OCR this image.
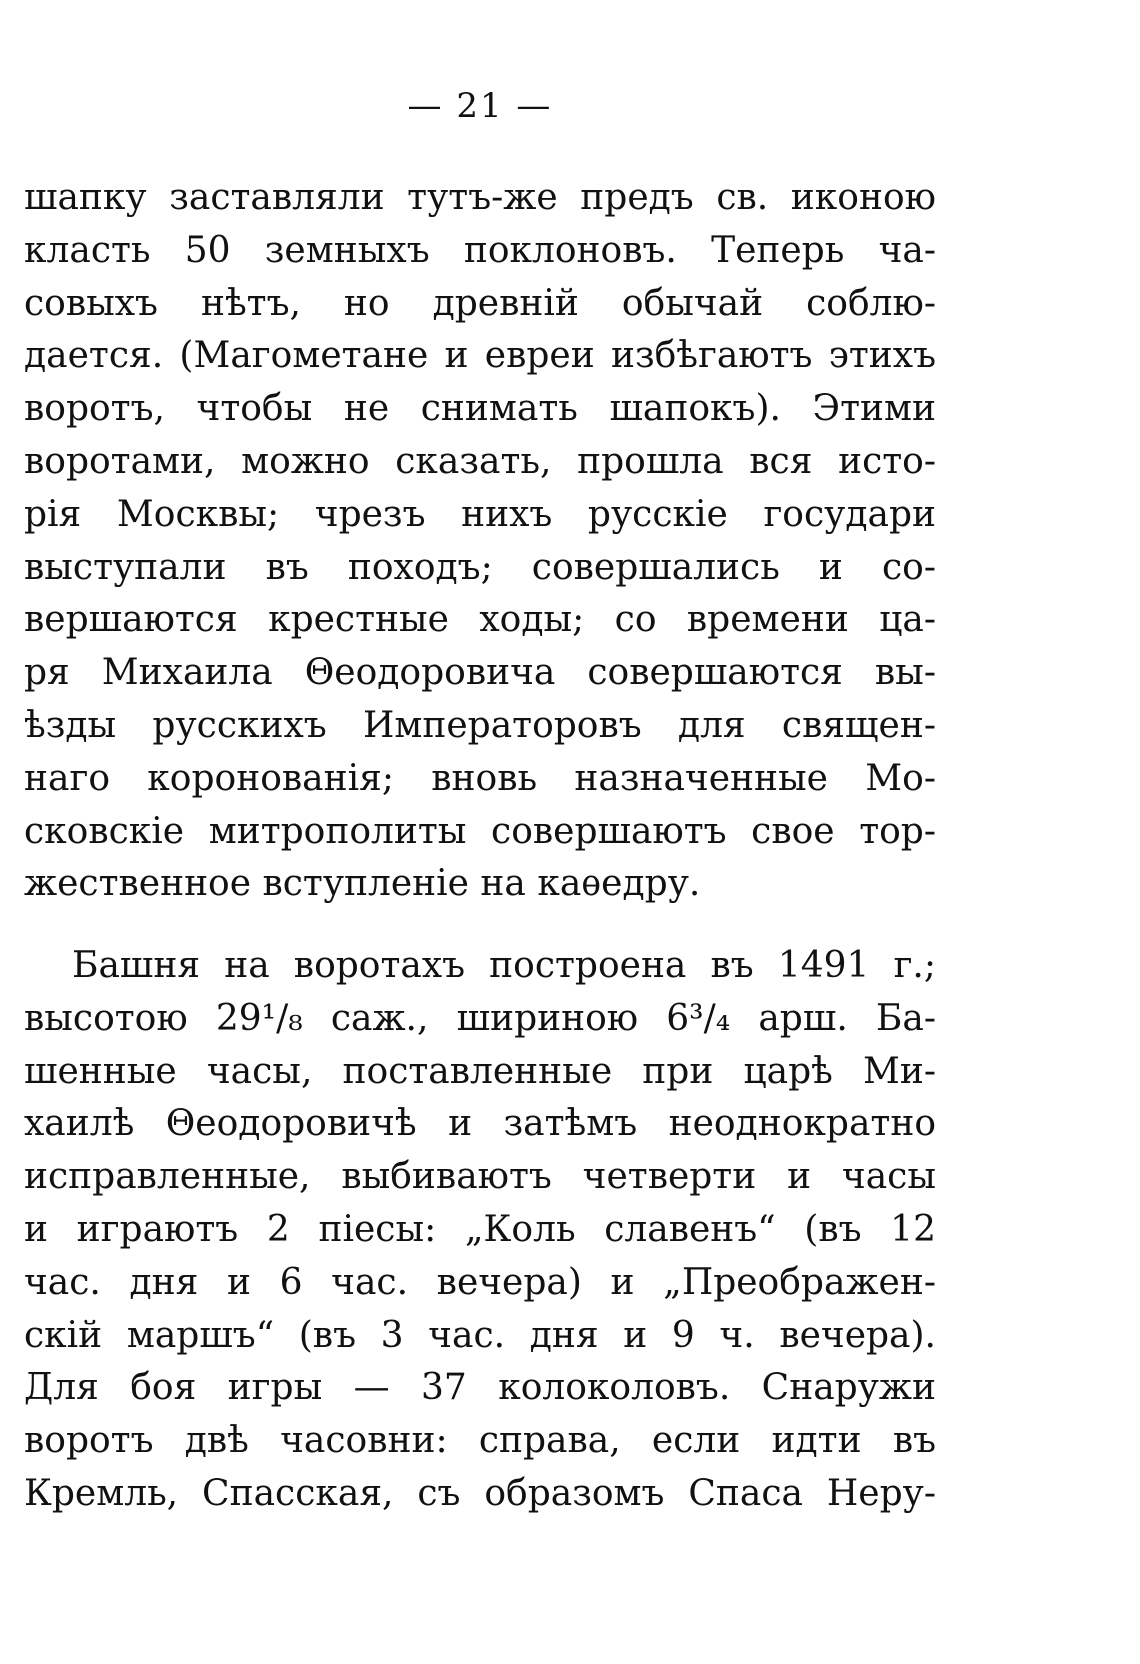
— 21 —
шапку заставляли тутъ-же предъ св. иконою
класть 50 земныхъ поклоновъ. Теперь ча-
совыхъ нѣтъ, но древній обычай соблю-
дается. (Магометане и евреи избѣгаютъ этихъ
воротъ, чтобы не снимать шапокъ). Этими
воротами, можно сказать, прошла вся исто-
рія Москвы; чрезъ нихъ русскіе государи
выступали въ походъ; совершались и со-
вершаются крестные ходы; со времени ца-
ря Михаила Θеодоровича совершаются вы-
ѣзды русскихъ Императоровъ для священ-
наго коронованія; вновь назначенные Мо-
сковскіе митрополиты совершаютъ свое тор-
жественное вступленіе на каѳедру.
Башня на воротахъ построена въ 1491 г.;
высотою 29¹/₈ саж., шириною 6³/₄ арш. Ба-
шенные часы, поставленные при царѣ Ми-
хаилѣ Θеодоровичѣ и затѣмъ неоднократно
исправленные, выбиваютъ четверти и часы
и играютъ 2 піесы: „Коль славенъ“ (въ 12
час. дня и 6 час. вечера) и „Преображен-
скій маршъ“ (въ 3 час. дня и 9 ч. вечера).
Для боя игры — 37 колоколовъ. Снаружи
воротъ двѣ часовни: справа, если идти въ
Кремль, Спасская, съ образомъ Спаса Неру-
